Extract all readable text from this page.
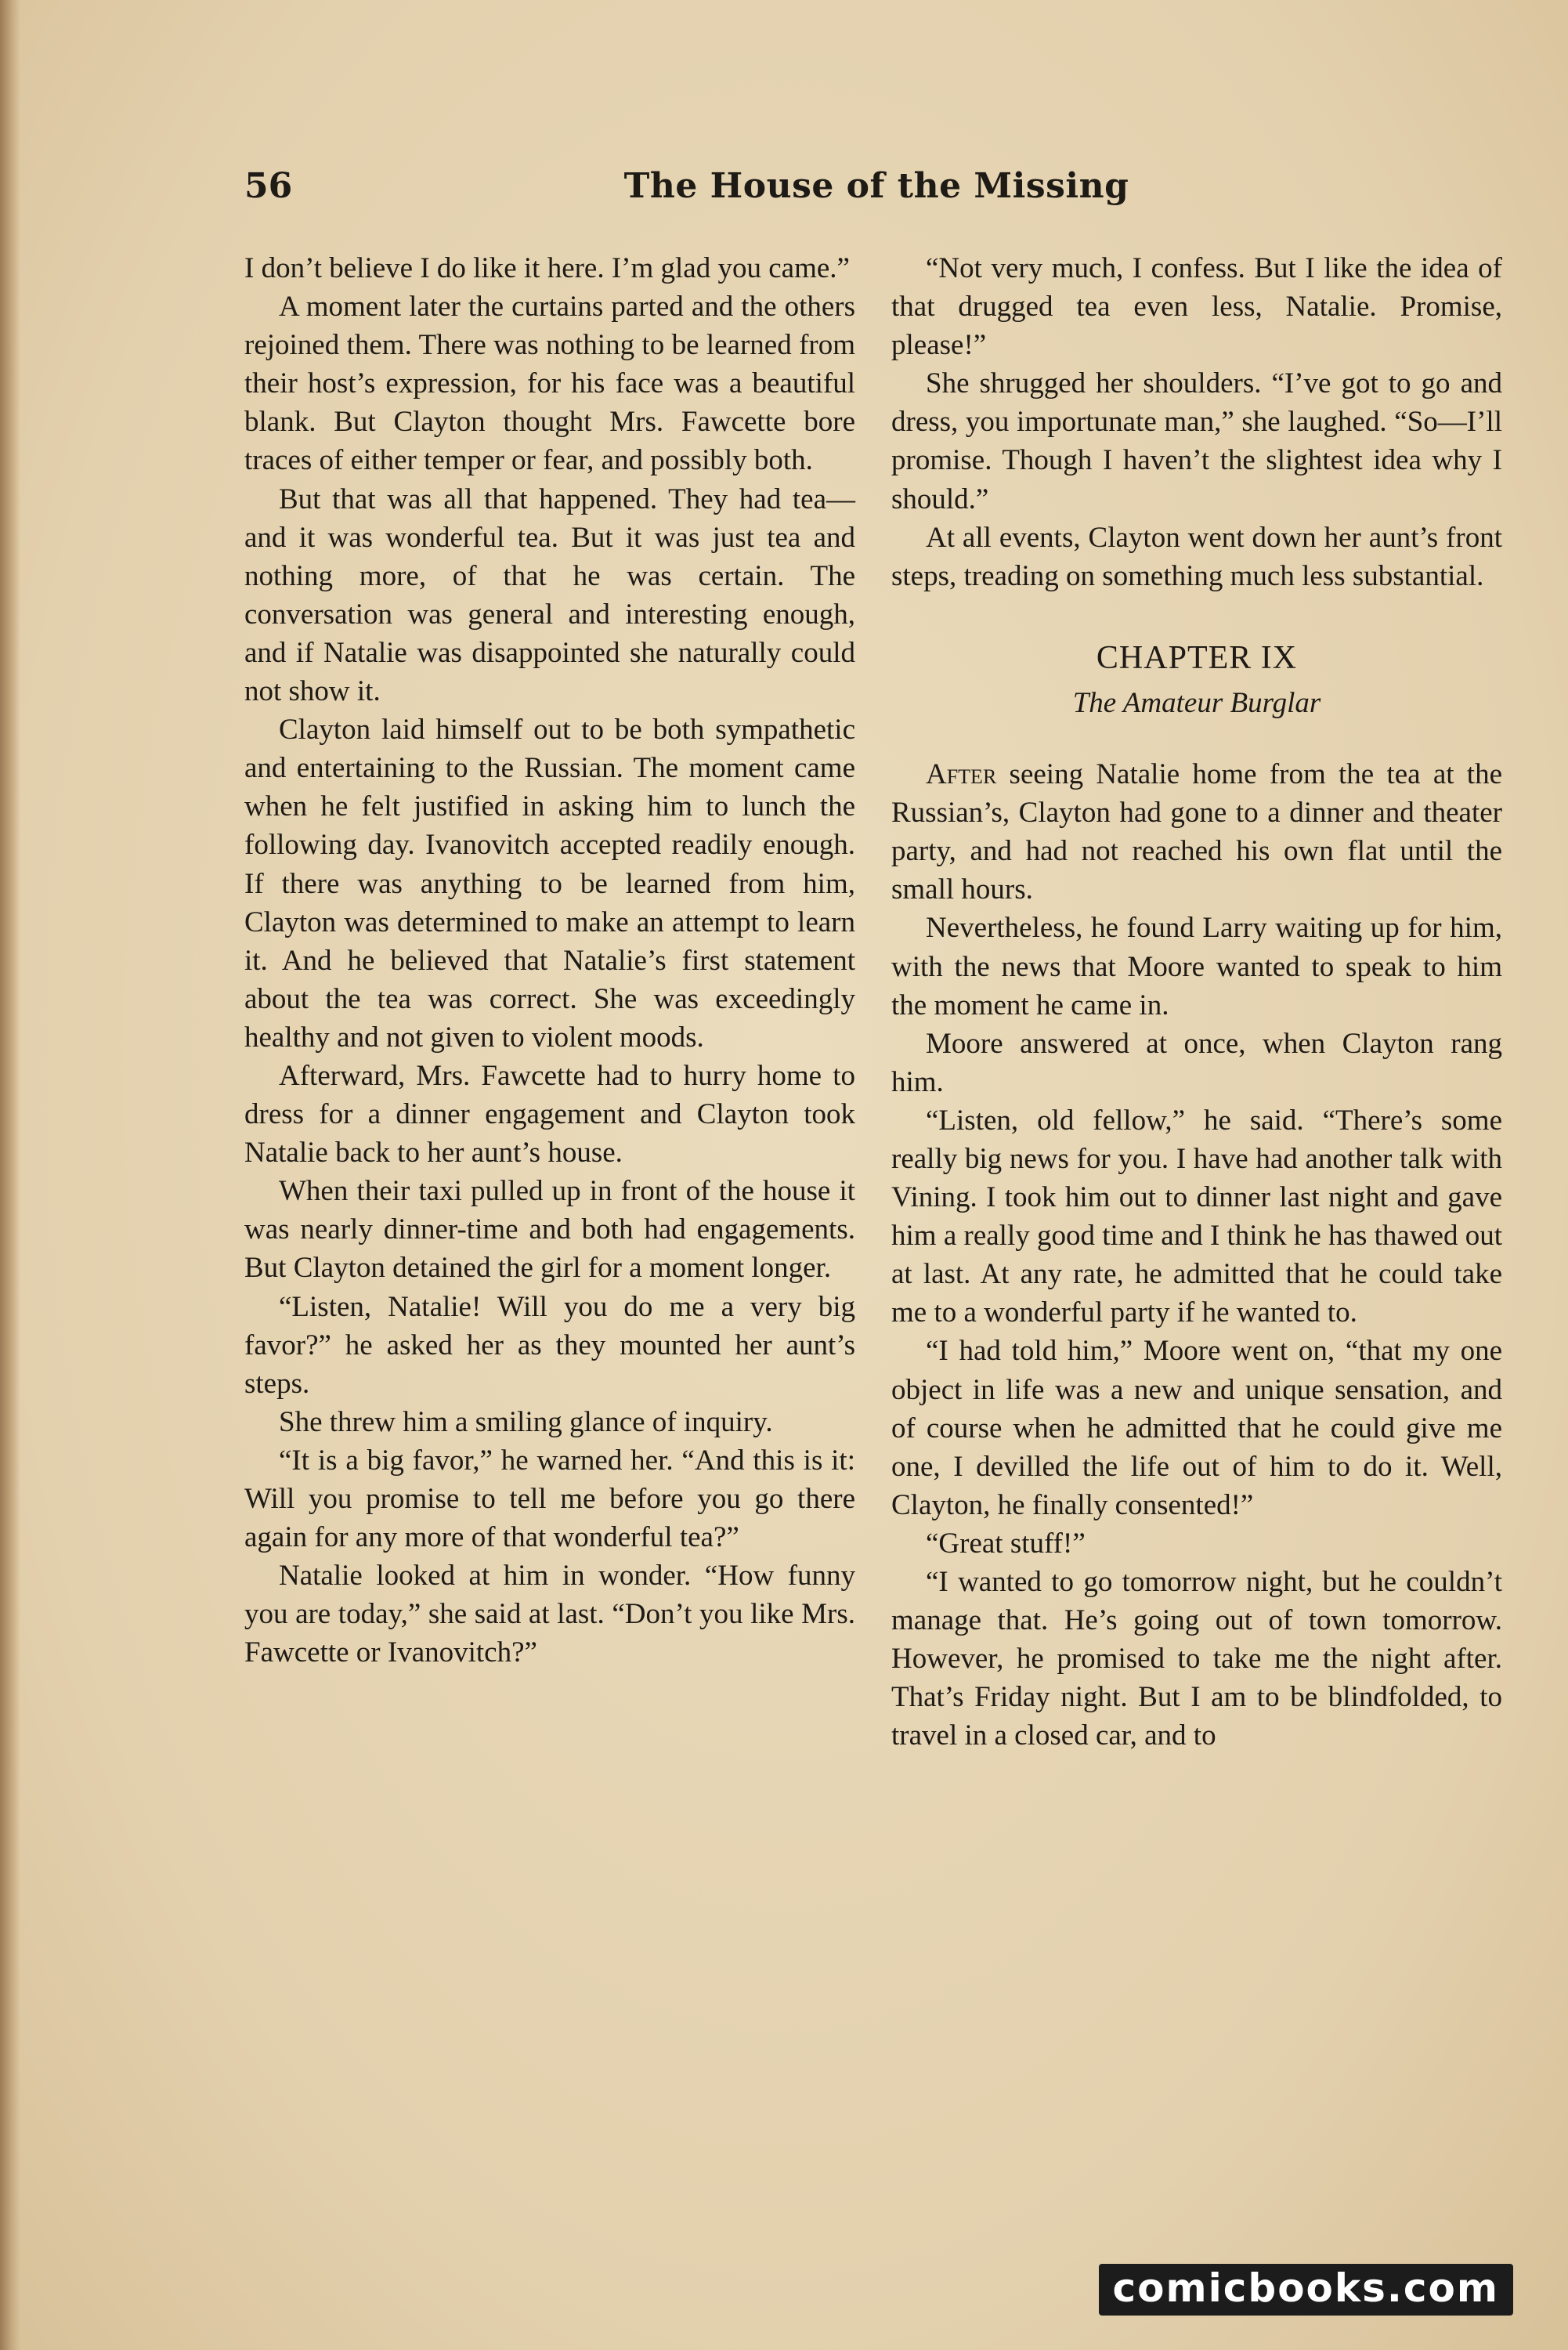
56	The House of the Missing

I don’t believe I do like it here. I’m glad you came.”

A moment later the curtains parted and the others rejoined them. There was nothing to be learned from their host’s expression, for his face was a beautiful blank. But Clayton thought Mrs. Fawcette bore traces of either temper or fear, and possibly both.

But that was all that happened. They had tea—and it was wonderful tea. But it was just tea and nothing more, of that he was certain. The conversation was general and interesting enough, and if Natalie was disappointed she naturally could not show it.

Clayton laid himself out to be both sympathetic and entertaining to the Russian. The moment came when he felt justified in asking him to lunch the following day. Ivanovitch accepted readily enough. If there was anything to be learned from him, Clayton was determined to make an attempt to learn it. And he believed that Natalie’s first statement about the tea was correct. She was exceedingly healthy and not given to violent moods.

Afterward, Mrs. Fawcette had to hurry home to dress for a dinner engagement and Clayton took Natalie back to her aunt’s house.

When their taxi pulled up in front of the house it was nearly dinner-time and both had engagements. But Clayton detained the girl for a moment longer.

“Listen, Natalie! Will you do me a very big favor?” he asked her as they mounted her aunt’s steps.

She threw him a smiling glance of inquiry.

“It is a big favor,” he warned her. “And this is it: Will you promise to tell me before you go there again for any more of that wonderful tea?”

Natalie looked at him in wonder. “How funny you are today,” she said at last. “Don’t you like Mrs. Fawcette or Ivanovitch?”

“Not very much, I confess. But I like the idea of that drugged tea even less, Natalie. Promise, please!”

She shrugged her shoulders. “I’ve got to go and dress, you importunate man,” she laughed. “So—I’ll promise. Though I haven’t the slightest idea why I should.”

At all events, Clayton went down her aunt’s front steps, treading on something much less substantial.

CHAPTER IX

The Amateur Burglar

After seeing Natalie home from the tea at the Russian’s, Clayton had gone to a dinner and theater party, and had not reached his own flat until the small hours.

Nevertheless, he found Larry waiting up for him, with the news that Moore wanted to speak to him the moment he came in.

Moore answered at once, when Clayton rang him.

“Listen, old fellow,” he said. “There’s some really big news for you. I have had another talk with Vining. I took him out to dinner last night and gave him a really good time and I think he has thawed out at last. At any rate, he admitted that he could take me to a wonderful party if he wanted to.

“I had told him,” Moore went on, “that my one object in life was a new and unique sensation, and of course when he admitted that he could give me one, I devilled the life out of him to do it. Well, Clayton, he finally consented!”

“Great stuff!”

“I wanted to go tomorrow night, but he couldn’t manage that. He’s going out of town tomorrow. However, he promised to take me the night after. That’s Friday night. But I am to be blindfolded, to travel in a closed car, and to

comicbooks.com
